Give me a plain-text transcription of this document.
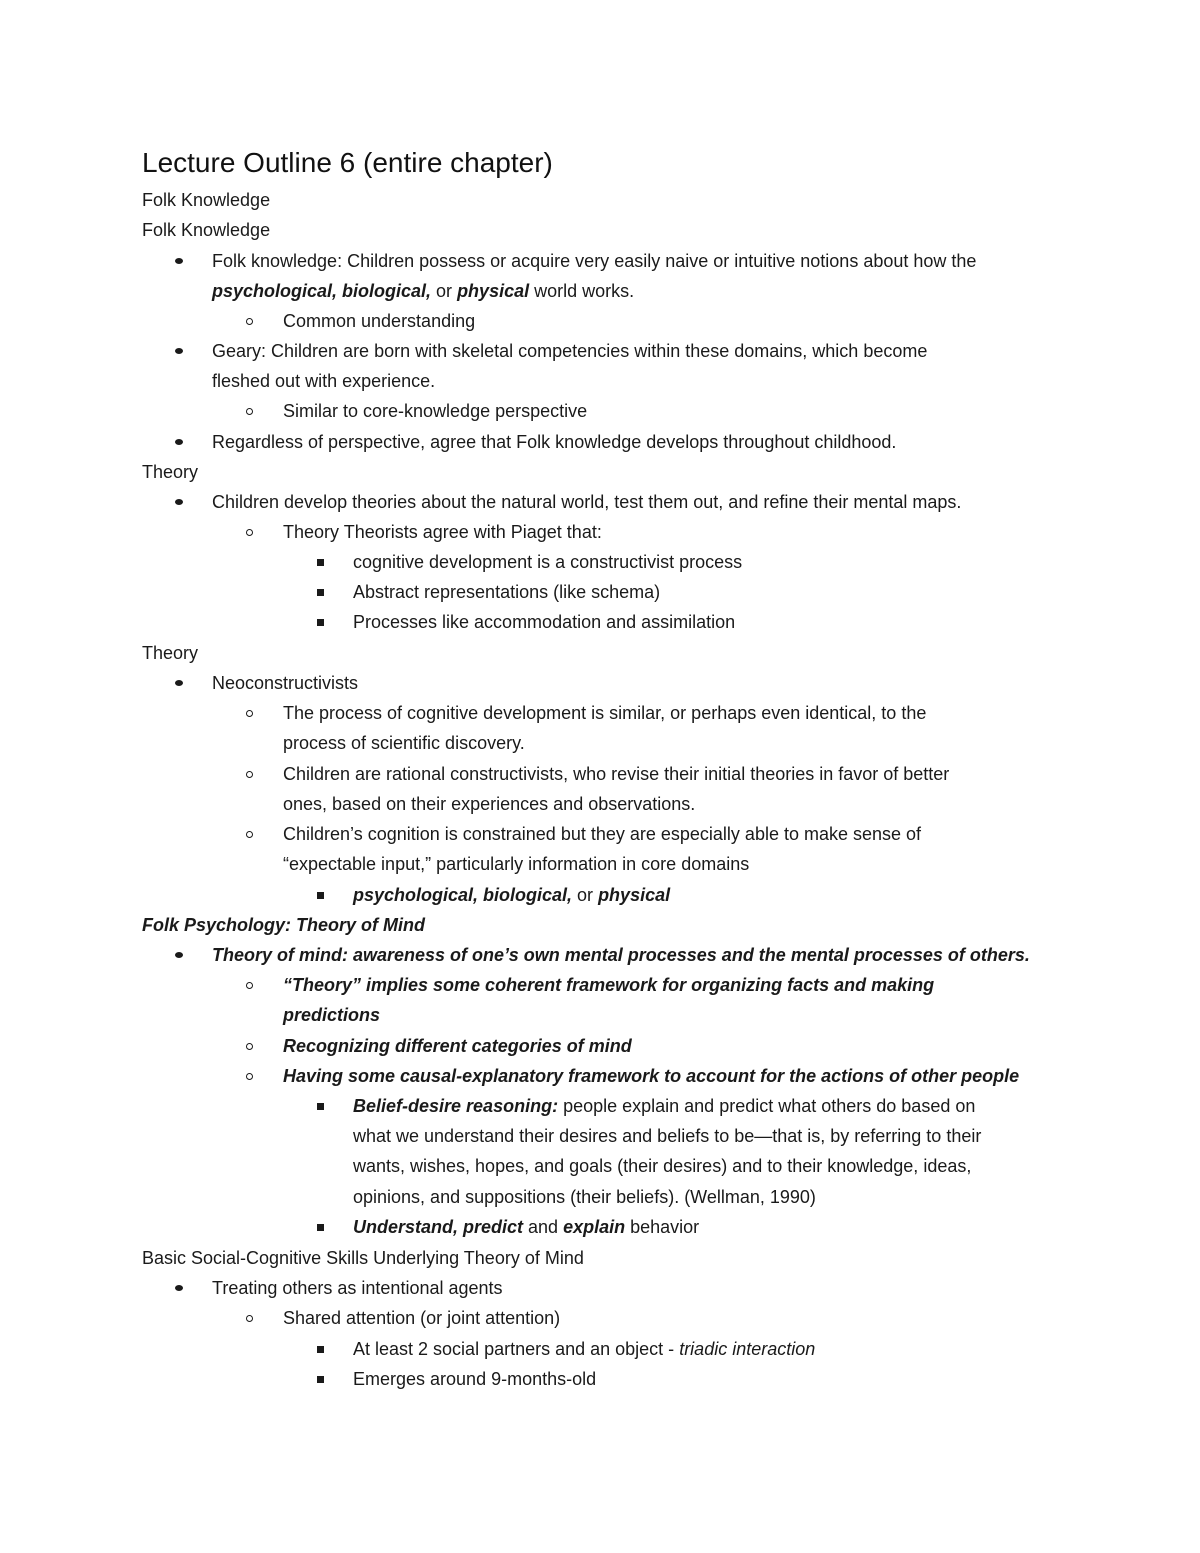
Lecture Outline 6 (entire chapter)
Folk Knowledge
Folk Knowledge
Folk knowledge: Children possess or acquire very easily naive or intuitive notions about how the
psychological, biological, or physical world works.
Common understanding
Geary: Children are born with skeletal competencies within these domains, which become
fleshed out with experience.
Similar to core-knowledge perspective
Regardless of perspective, agree that Folk knowledge develops throughout childhood.
Theory
Children develop theories about the natural world, test them out, and refine their mental maps.
Theory Theorists agree with Piaget that:
cognitive development is a constructivist process
Abstract representations (like schema)
Processes like accommodation and assimilation
Theory
Neoconstructivists
The process of cognitive development is similar, or perhaps even identical, to the
process of scientific discovery.
Children are rational constructivists, who revise their initial theories in favor of better
ones, based on their experiences and observations.
Children’s cognition is constrained but they are especially able to make sense of
“expectable input,” particularly information in core domains
psychological, biological, or physical
Folk Psychology: Theory of Mind
Theory of mind: awareness of one’s own mental processes and the mental processes of others.
“Theory” implies some coherent framework for organizing facts and making
predictions
Recognizing different categories of mind
Having some causal-explanatory framework to account for the actions of other people
Belief-desire reasoning: people explain and predict what others do based on
what we understand their desires and beliefs to be—that is, by referring to their
wants, wishes, hopes, and goals (their desires) and to their knowledge, ideas,
opinions, and suppositions (their beliefs). (Wellman, 1990)
Understand, predict and explain behavior
Basic Social-Cognitive Skills Underlying Theory of Mind
Treating others as intentional agents
Shared attention (or joint attention)
At least 2 social partners and an object - triadic interaction
Emerges around 9-months-old
